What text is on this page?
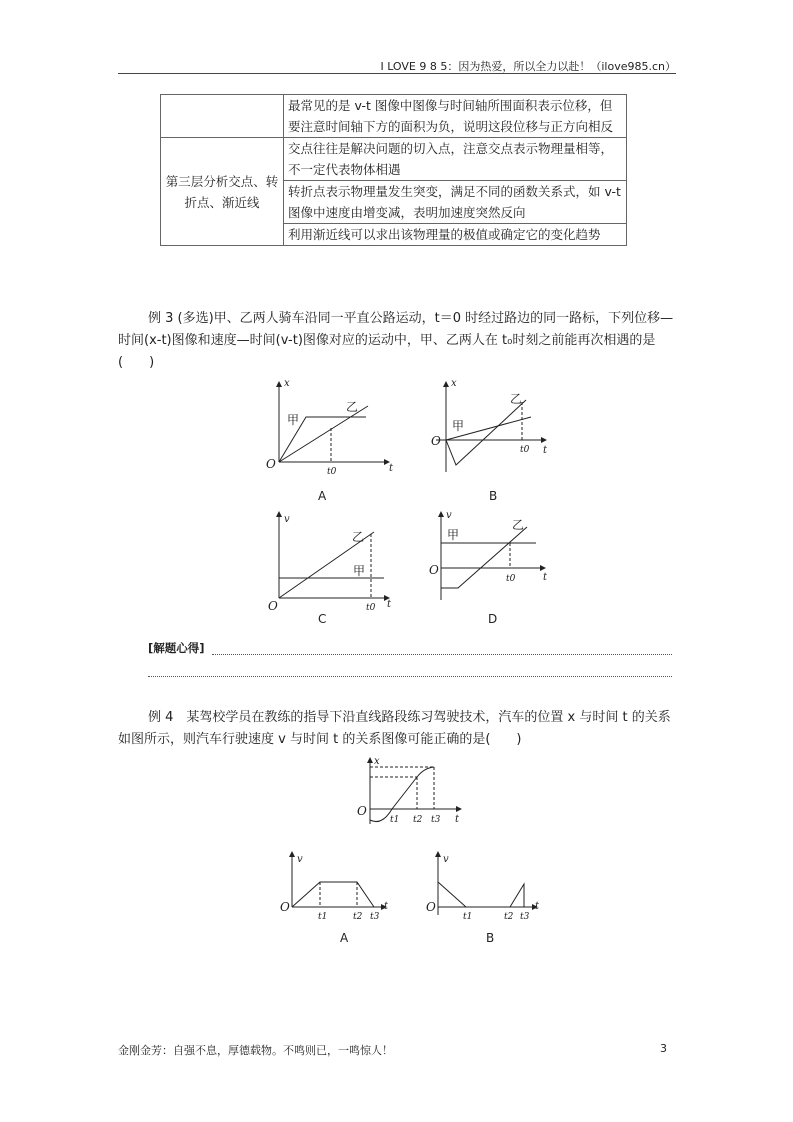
I LOVE 9 8 5：因为热爱，所以全力以赴！（ilove985.cn）
	最常见的是 v-t 图像中图像与时间轴所围面积表示位移，但要注意时间轴下方的面积为负，说明这段位移与正方向相反
第三层分析交点、转折点、渐近线	交点往往是解决问题的切入点，注意交点表示物理量相等，不一定代表物体相遇
	转折点表示物理量发生突变，满足不同的函数关系式，如 v-t 图像中速度由增变减，表明加速度突然反向
	利用渐近线可以求出该物理量的极值或确定它的变化趋势
例 3 (多选)甲、乙两人骑车沿同一平直公路运动，t＝0 时经过路边的同一路标，下列位移—时间(x-t)图像和速度—时间(v-t)图像对应的运动中，甲、乙两人在 t₀时刻之前能再次相遇的是(　　)
x
t
O
t0
甲
乙
A
x
t
O
t0
甲
乙
B
v
t
O	t0
甲
乙
C
v
t
O
t0
甲
乙
D
[解题心得]
例 4　某驾校学员在教练的指导下沿直线路段练习驾驶技术，汽车的位置 x 与时间 t 的关系如图所示，则汽车行驶速度 v 与时间 t 的关系图像可能正确的是(　　)
x
t
O
t1 t2 t3
v
t
O
t1	t2 t3
A
v
t
O
t1	t2 t3
B
金刚金芳：自强不息，厚德载物。不鸣则已，一鸣惊人！	3
